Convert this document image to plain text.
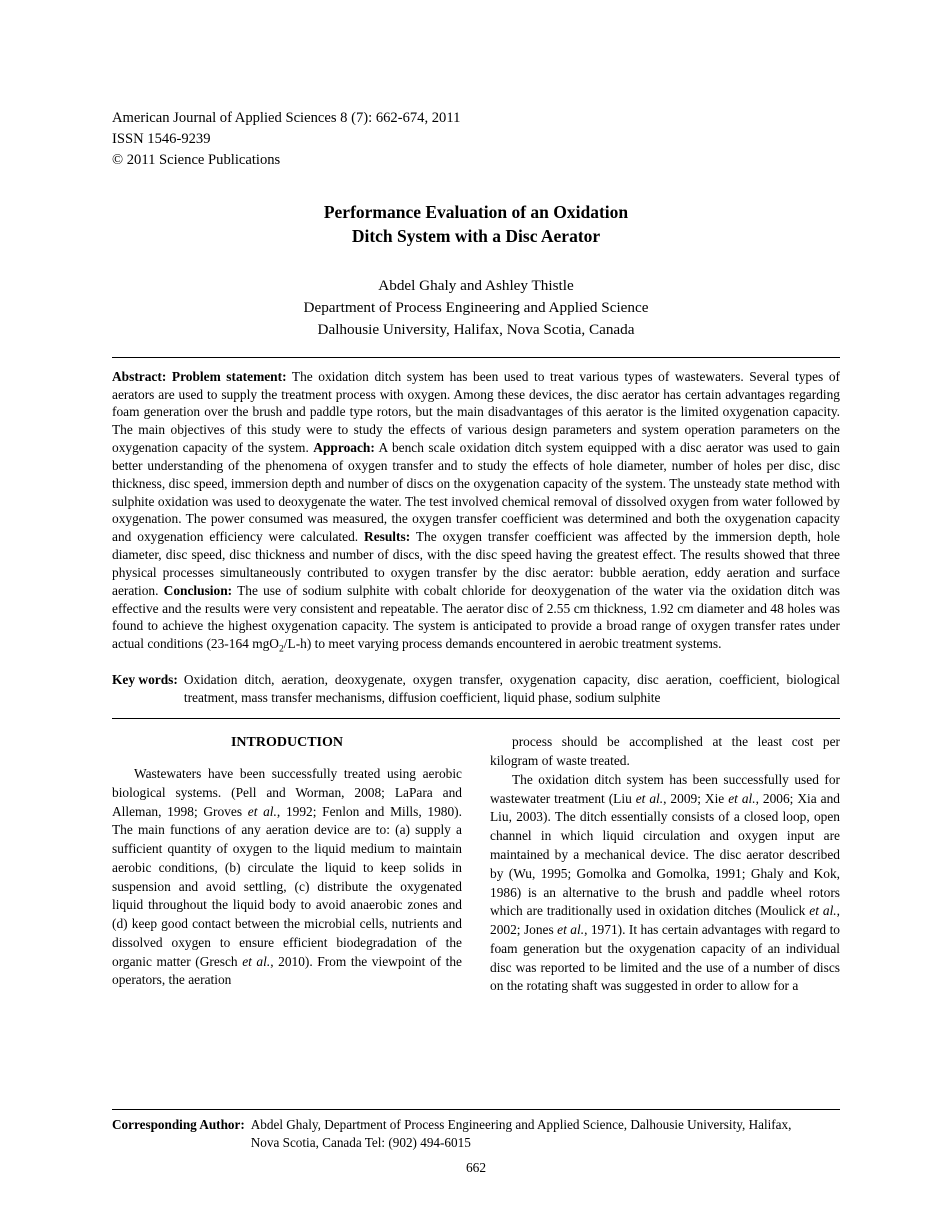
American Journal of Applied Sciences 8 (7): 662-674, 2011
ISSN 1546-9239
© 2011 Science Publications
Performance Evaluation of an Oxidation
Ditch System with a Disc Aerator
Abdel Ghaly and Ashley Thistle
Department of Process Engineering and Applied Science
Dalhousie University, Halifax, Nova Scotia, Canada
Abstract: Problem statement: The oxidation ditch system has been used to treat various types of wastewaters. Several types of aerators are used to supply the treatment process with oxygen. Among these devices, the disc aerator has certain advantages regarding foam generation over the brush and paddle type rotors, but the main disadvantages of this aerator is the limited oxygenation capacity. The main objectives of this study were to study the effects of various design parameters and system operation parameters on the oxygenation capacity of the system. Approach: A bench scale oxidation ditch system equipped with a disc aerator was used to gain better understanding of the phenomena of oxygen transfer and to study the effects of hole diameter, number of holes per disc, disc thickness, disc speed, immersion depth and number of discs on the oxygenation capacity of the system. The unsteady state method with sulphite oxidation was used to deoxygenate the water. The test involved chemical removal of dissolved oxygen from water followed by oxygenation. The power consumed was measured, the oxygen transfer coefficient was determined and both the oxygenation capacity and oxygenation efficiency were calculated. Results: The oxygen transfer coefficient was affected by the immersion depth, hole diameter, disc speed, disc thickness and number of discs, with the disc speed having the greatest effect. The results showed that three physical processes simultaneously contributed to oxygen transfer by the disc aerator: bubble aeration, eddy aeration and surface aeration. Conclusion: The use of sodium sulphite with cobalt chloride for deoxygenation of the water via the oxidation ditch was effective and the results were very consistent and repeatable. The aerator disc of 2.55 cm thickness, 1.92 cm diameter and 48 holes was found to achieve the highest oxygenation capacity. The system is anticipated to provide a broad range of oxygen transfer rates under actual conditions (23-164 mgO$_2$/L-h) to meet varying process demands encountered in aerobic treatment systems.
Key words: Oxidation ditch, aeration, deoxygenate, oxygen transfer, oxygenation capacity, disc aeration, coefficient, biological treatment, mass transfer mechanisms, diffusion coefficient, liquid phase, sodium sulphite
INTRODUCTION

Wastewaters have been successfully treated using aerobic biological systems. (Pell and Worman, 2008; LaPara and Alleman, 1998; Groves et al., 1992; Fenlon and Mills, 1980). The main functions of any aeration device are to: (a) supply a sufficient quantity of oxygen to the liquid medium to maintain aerobic conditions, (b) circulate the liquid to keep solids in suspension and avoid settling, (c) distribute the oxygenated liquid throughout the liquid body to avoid anaerobic zones and (d) keep good contact between the microbial cells, nutrients and dissolved oxygen to ensure efficient biodegradation of the organic matter (Gresch et al., 2010). From the viewpoint of the operators, the aeration

process should be accomplished at the least cost per kilogram of waste treated.

The oxidation ditch system has been successfully used for wastewater treatment (Liu et al., 2009; Xie et al., 2006; Xia and Liu, 2003). The ditch essentially consists of a closed loop, open channel in which liquid circulation and oxygen input are maintained by a mechanical device. The disc aerator described by (Wu, 1995; Gomolka and Gomolka, 1991; Ghaly and Kok, 1986) is an alternative to the brush and paddle wheel rotors which are traditionally used in oxidation ditches (Moulick et al., 2002; Jones et al., 1971). It has certain advantages with regard to foam generation but the oxygenation capacity of an individual disc was reported to be limited and the use of a number of discs on the rotating shaft was suggested in order to allow for a

Corresponding Author: Abdel Ghaly, Department of Process Engineering and Applied Science, Dalhousie University, Halifax,
Nova Scotia, Canada Tel: (902) 494-6015
662
